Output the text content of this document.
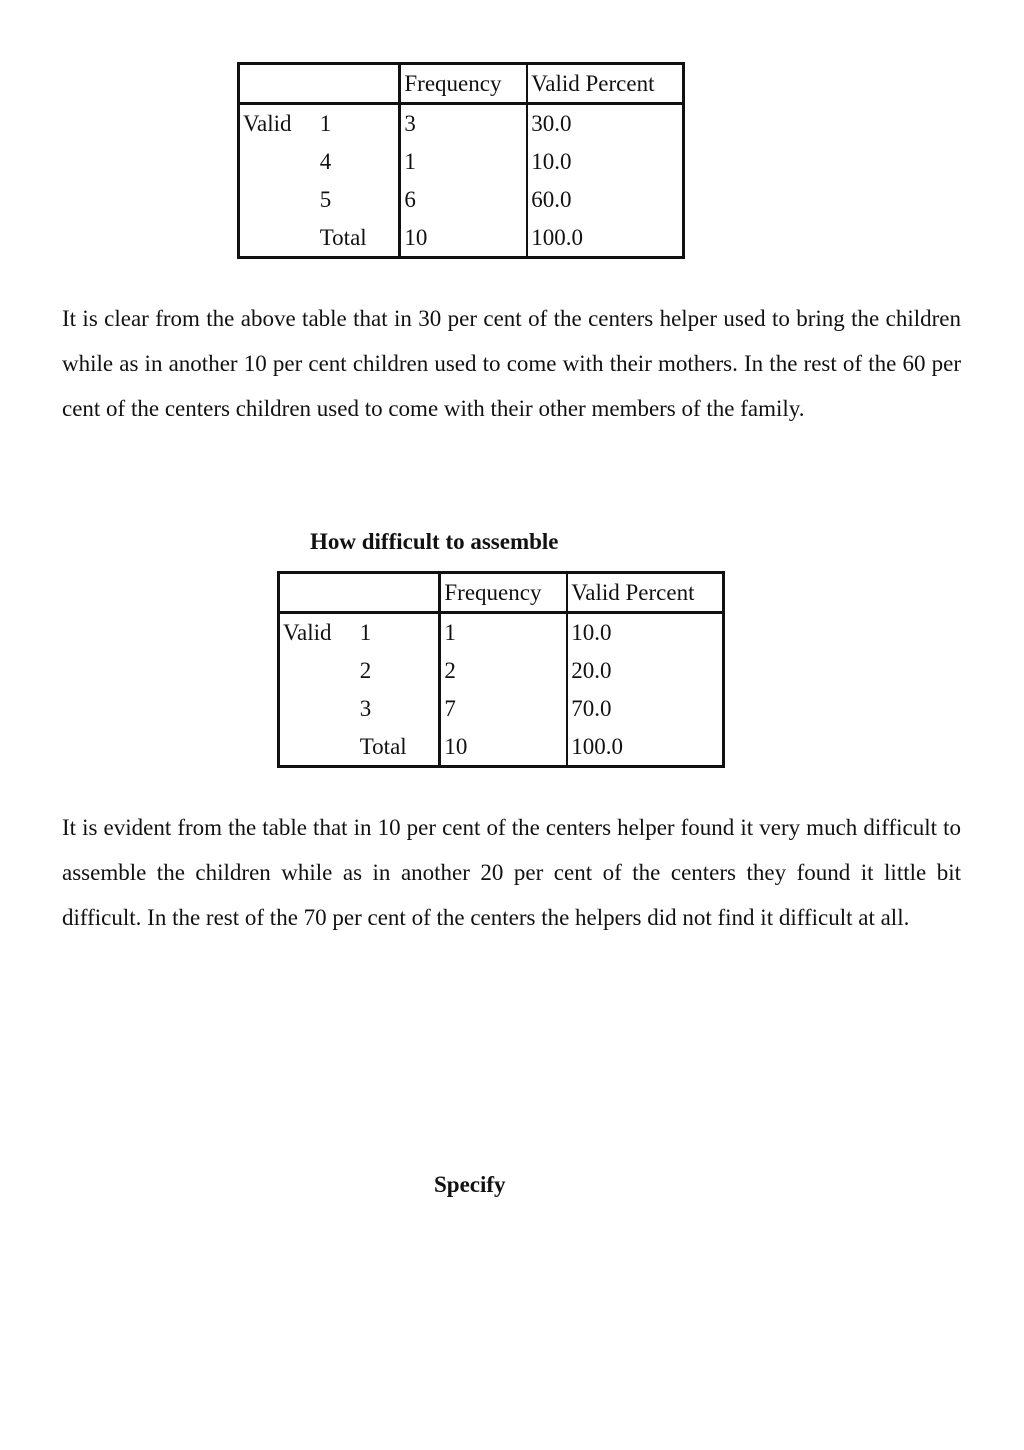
		Frequency	Valid Percent
Valid	1	3	30.0
	4	1	10.0
	5	6	60.0
	Total	10	100.0

It is clear from the above table that in 30 per cent of the centers helper used to bring the children while as in another 10 per cent children used to come with their mothers. In the rest of the 60 per cent of the centers children used to come with their other members of the family.

How difficult to assemble
		Frequency	Valid Percent
Valid	1	1	10.0
	2	2	20.0
	3	7	70.0
	Total	10	100.0

It is evident from the table that in 10 per cent of the centers helper found it very much difficult to assemble the children while as in another 20 per cent of the centers they found it little bit difficult. In the rest of the 70 per cent of the centers the helpers did not find it difficult at all.

Specify
